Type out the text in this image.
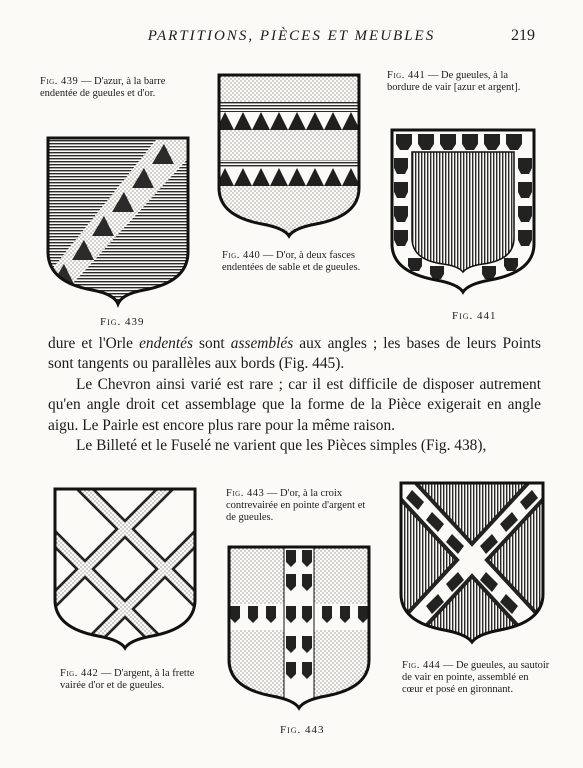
PARTITIONS, PIÈCES ET MEUBLES	219
Fig. 439 — D'azur, à la barre endentée de gueules et d'or.
Fig. 439
Fig. 440 — D'or, à deux fasces endentées de sable et de gueules.
Fig. 441 — De gueules, à la bordure de vair [azur et argent].
Fig. 441

dure et l'Orle endentés sont assemblés aux angles ; les bases de leurs Points sont tangents ou parallèles aux bords (Fig. 445).

Le Chevron ainsi varié est rare ; car il est difficile de disposer autrement qu'en angle droit cet assemblage que la forme de la Pièce exigerait en angle aigu. Le Pairle est encore plus rare pour la même raison.

Le Billeté et le Fuselé ne varient que les Pièces simples (Fig. 438),

Fig. 442 — D'argent, à la frette vairée d'or et de gueules.
Fig. 443 — D'or, à la croix contrevairée en pointe d'argent et de gueules.
Fig. 443
Fig. 444 — De gueules, au sautoir de vair en pointe, assemblé en cœur et posé en gironnant.
